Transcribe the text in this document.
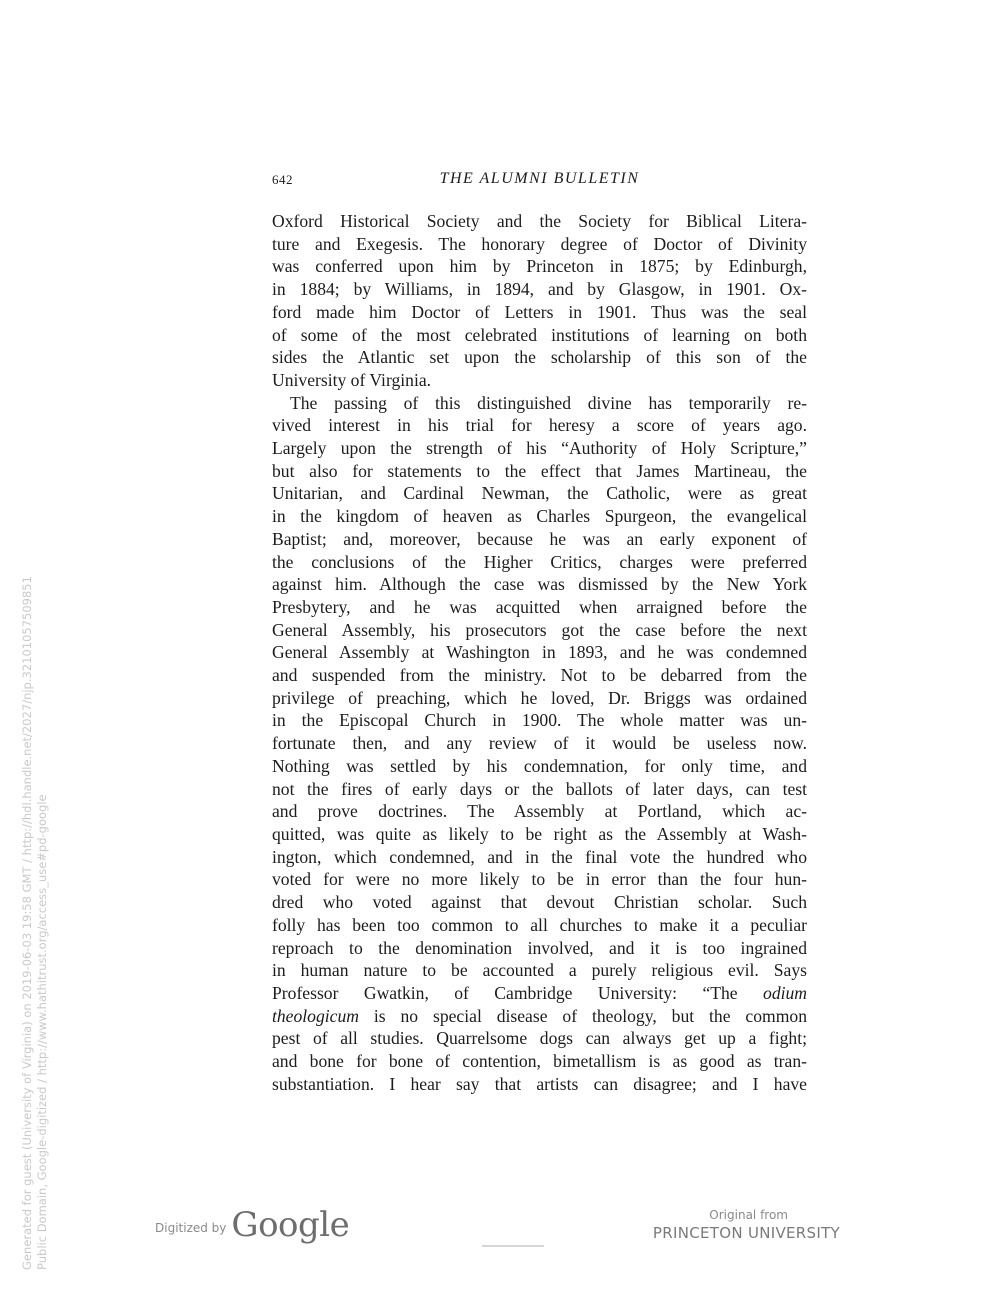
642	THE ALUMNI BULLETIN

Oxford Historical Society and the Society for Biblical Litera-
ture and Exegesis. The honorary degree of Doctor of Divinity
was conferred upon him by Princeton in 1875; by Edinburgh,
in 1884; by Williams, in 1894, and by Glasgow, in 1901. Ox-
ford made him Doctor of Letters in 1901. Thus was the seal
of some of the most celebrated institutions of learning on both
sides the Atlantic set upon the scholarship of this son of the
University of Virginia.

The passing of this distinguished divine has temporarily re-
vived interest in his trial for heresy a score of years ago.
Largely upon the strength of his “Authority of Holy Scripture,”
but also for statements to the effect that James Martineau, the
Unitarian, and Cardinal Newman, the Catholic, were as great
in the kingdom of heaven as Charles Spurgeon, the evangelical
Baptist; and, moreover, because he was an early exponent of
the conclusions of the Higher Critics, charges were preferred
against him. Although the case was dismissed by the New York
Presbytery, and he was acquitted when arraigned before the
General Assembly, his prosecutors got the case before the next
General Assembly at Washington in 1893, and he was condemned
and suspended from the ministry. Not to be debarred from the
privilege of preaching, which he loved, Dr. Briggs was ordained
in the Episcopal Church in 1900. The whole matter was un-
fortunate then, and any review of it would be useless now.
Nothing was settled by his condemnation, for only time, and
not the fires of early days or the ballots of later days, can test
and prove doctrines. The Assembly at Portland, which ac-
quitted, was quite as likely to be right as the Assembly at Wash-
ington, which condemned, and in the final vote the hundred who
voted for were no more likely to be in error than the four hun-
dred who voted against that devout Christian scholar. Such
folly has been too common to all churches to make it a peculiar
reproach to the denomination involved, and it is too ingrained
in human nature to be accounted a purely religious evil. Says
Professor Gwatkin, of Cambridge University: “The odium
theologicum is no special disease of theology, but the common
pest of all studies. Quarrelsome dogs can always get up a fight;
and bone for bone of contention, bimetallism is as good as tran-
substantiation. I hear say that artists can disagree; and I have

Generated for guest (University of Virginia) on 2019-06-03 19:58 GMT / http://hdl.handle.net/2027/njp.32101057509851 Public Domain, Google-digitized / http://www.hathitrust.org/access_use#pd-google	Digitized by Google	Original from
PRINCETON UNIVERSITY
